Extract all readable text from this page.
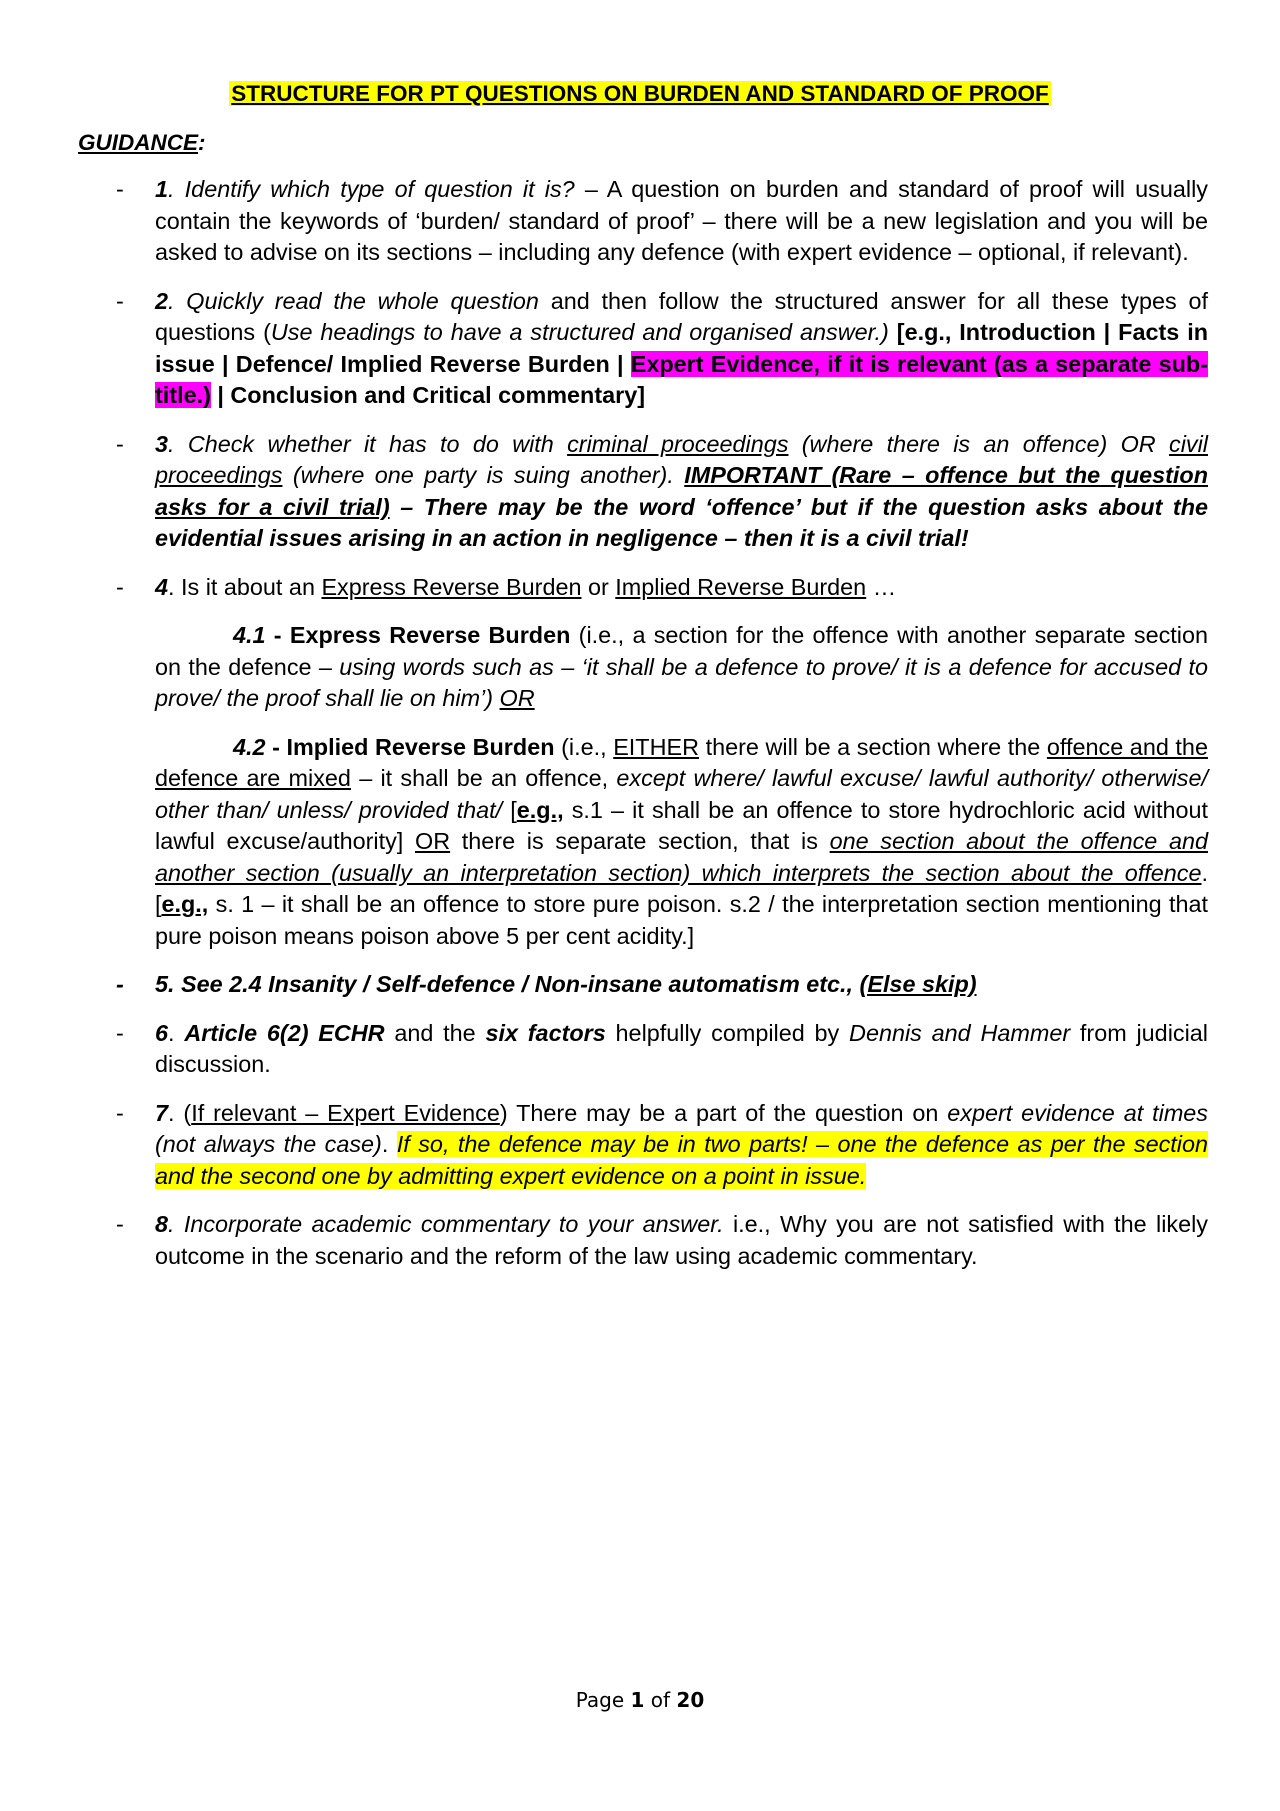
STRUCTURE FOR PT QUESTIONS ON BURDEN AND STANDARD OF PROOF
GUIDANCE:
-	1. Identify which type of question it is? – A question on burden and standard of proof will usually contain the keywords of ‘burden/ standard of proof’ – there will be a new legislation and you will be asked to advise on its sections – including any defence (with expert evidence – optional, if relevant).
-	2. Quickly read the whole question and then follow the structured answer for all these types of questions (Use headings to have a structured and organised answer.) [e.g., Introduction | Facts in issue | Defence/ Implied Reverse Burden | Expert Evidence, if it is relevant (as a separate sub-title.) | Conclusion and Critical commentary]
-	3. Check whether it has to do with criminal proceedings (where there is an offence) OR civil proceedings (where one party is suing another). IMPORTANT (Rare – offence but the question asks for a civil trial) – There may be the word ‘offence’ but if the question asks about the evidential issues arising in an action in negligence – then it is a civil trial!
-	4. Is it about an Express Reverse Burden or Implied Reverse Burden …
4.1 - Express Reverse Burden (i.e., a section for the offence with another separate section on the defence – using words such as – ‘it shall be a defence to prove/ it is a defence for accused to prove/ the proof shall lie on him’) OR
4.2 - Implied Reverse Burden (i.e., EITHER there will be a section where the offence and the defence are mixed – it shall be an offence, except where/ lawful excuse/ lawful authority/ otherwise/ other than/ unless/ provided that/ [e.g., s.1 – it shall be an offence to store hydrochloric acid without lawful excuse/authority] OR there is separate section, that is one section about the offence and another section (usually an interpretation section) which interprets the section about the offence. [e.g., s. 1 – it shall be an offence to store pure poison. s.2 / the interpretation section mentioning that pure poison means poison above 5 per cent acidity.]
-	5. See 2.4 Insanity / Self-defence / Non-insane automatism etc., (Else skip)
-	6. Article 6(2) ECHR and the six factors helpfully compiled by Dennis and Hammer from judicial discussion.
-	7. (If relevant – Expert Evidence) There may be a part of the question on expert evidence at times (not always the case). If so, the defence may be in two parts! – one the defence as per the section and the second one by admitting expert evidence on a point in issue.
-	8. Incorporate academic commentary to your answer. i.e., Why you are not satisfied with the likely outcome in the scenario and the reform of the law using academic commentary.
Page 1 of 20
